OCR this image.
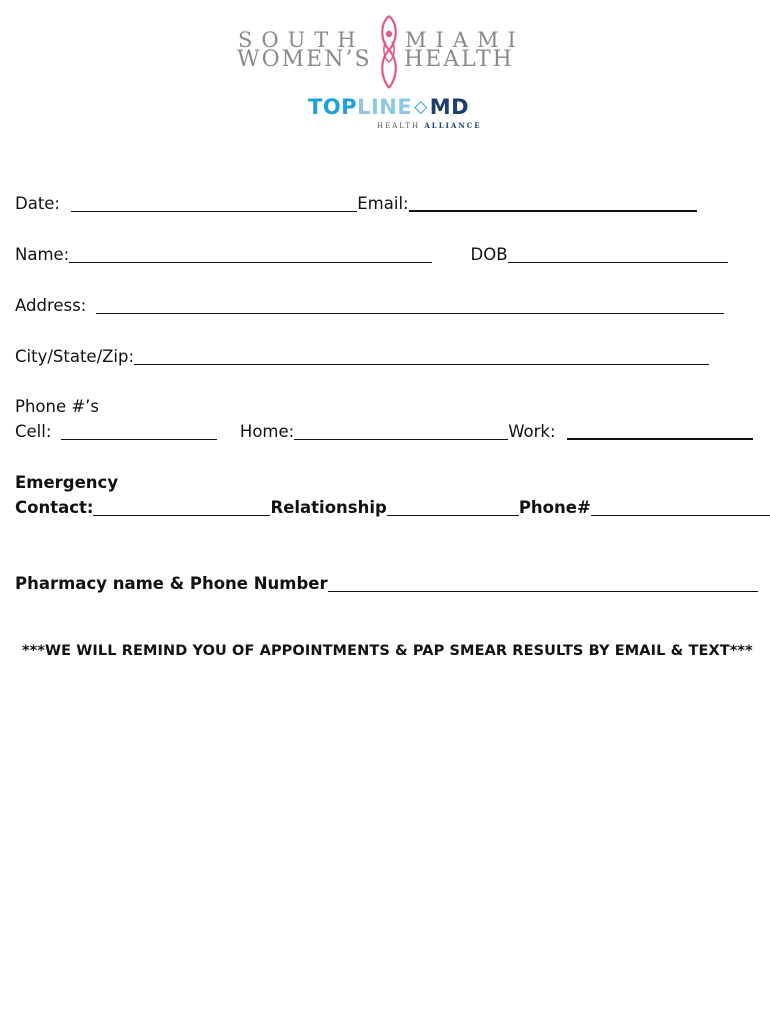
SOUTH
WOMEN’S
MIAMI
HEALTH
TOPLINE ◇MD
HEALTH ALLIANCE
Date:	Email:
Name:	DOB
Address:
City/State/Zip:
Phone #’s
Cell:	Home:	Work:
Emergency
Contact:	Relationship	Phone#
Pharmacy name & Phone Number
***WE WILL REMIND YOU OF APPOINTMENTS & PAP SMEAR RESULTS BY EMAIL & TEXT***
